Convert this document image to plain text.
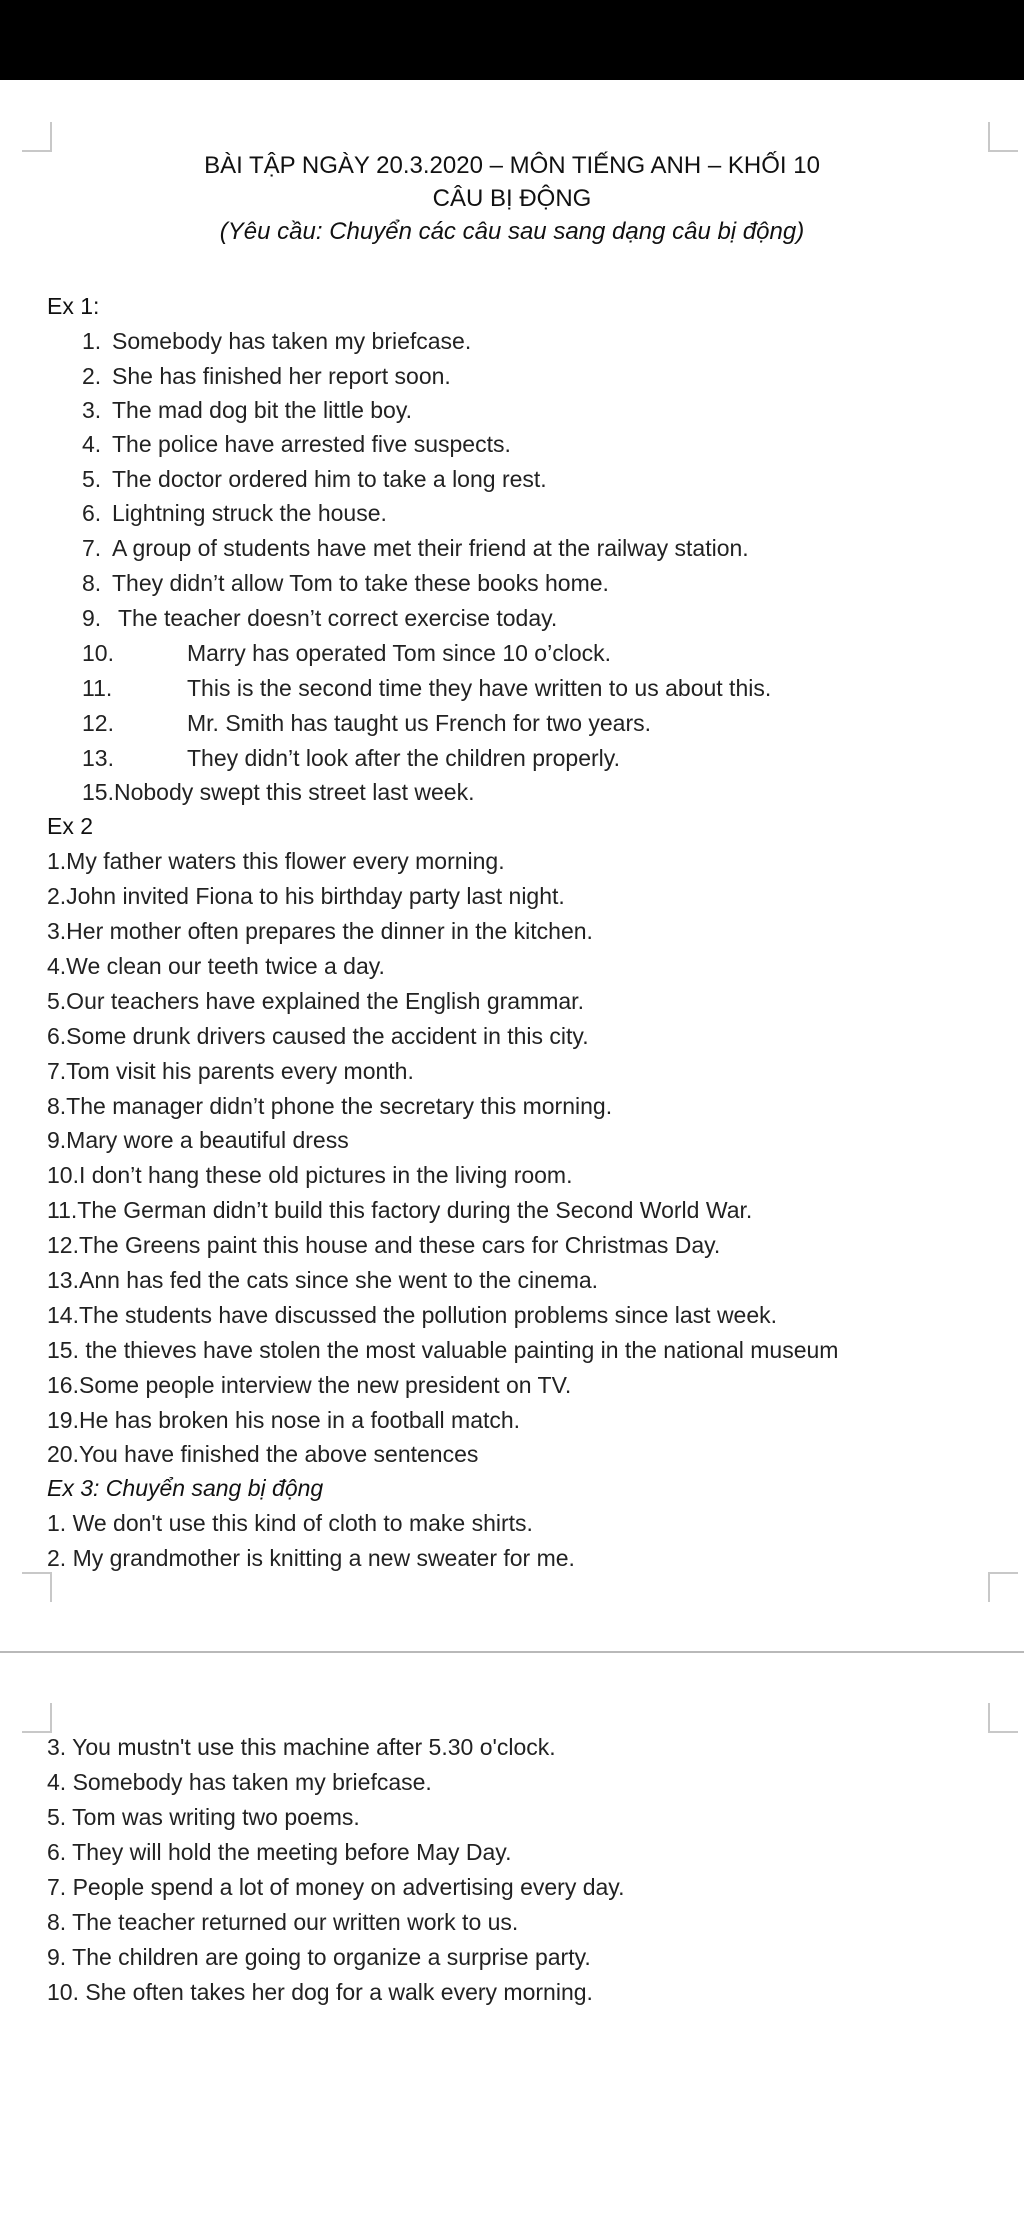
BÀI TẬP NGÀY 20.3.2020 – MÔN TIẾNG ANH – KHỐI 10
CÂU BỊ ĐỘNG
(Yêu cầu: Chuyển các câu sau sang dạng câu bị động)
Ex 1:
1. Somebody has taken my briefcase.
2. She has finished her report soon.
3. The mad dog bit the little boy.
4. The police have arrested five suspects.
5. The doctor ordered him to take a long rest.
6. Lightning struck the house.
7. A group of students have met their friend at the railway station.
8. They didn’t allow Tom to take these books home.
9. The teacher doesn’t correct exercise today.
10.	Marry has operated Tom since 10 o’clock.
11.	This is the second time they have written to us about this.
12.	Mr. Smith has taught us French for two years.
13.	They didn’t look after the children properly.
15.Nobody swept this street last week.
Ex 2
1.My father waters this flower every morning.
2.John invited Fiona to his birthday party last night.
3.Her mother often prepares the dinner in the kitchen.
4.We clean our teeth twice a day.
5.Our teachers have explained the English grammar.
6.Some drunk drivers caused the accident in this city.
7.Tom visit his parents every month.
8.The manager didn’t phone the secretary this morning.
9.Mary wore a beautiful dress
10.I don’t hang these old pictures in the living room.
11.The German didn’t build this factory during the Second World War.
12.The Greens paint this house and these cars for Christmas Day.
13.Ann has fed the cats since she went to the cinema.
14.The students have discussed the pollution problems since last week.
15. the thieves have stolen the most valuable painting in the national museum
16.Some people interview the new president on TV.
19.He has broken his nose in a football match.
20.You have finished the above sentences
Ex 3: Chuyển sang bị động
1. We don't use this kind of cloth to make shirts.
2. My grandmother is knitting a new sweater for me.
3. You mustn't use this machine after 5.30 o'clock.
4. Somebody has taken my briefcase.
5. Tom was writing two poems.
6. They will hold the meeting before May Day.
7. People spend a lot of money on advertising every day.
8. The teacher returned our written work to us.
9. The children are going to organize a surprise party.
10. She often takes her dog for a walk every morning.
